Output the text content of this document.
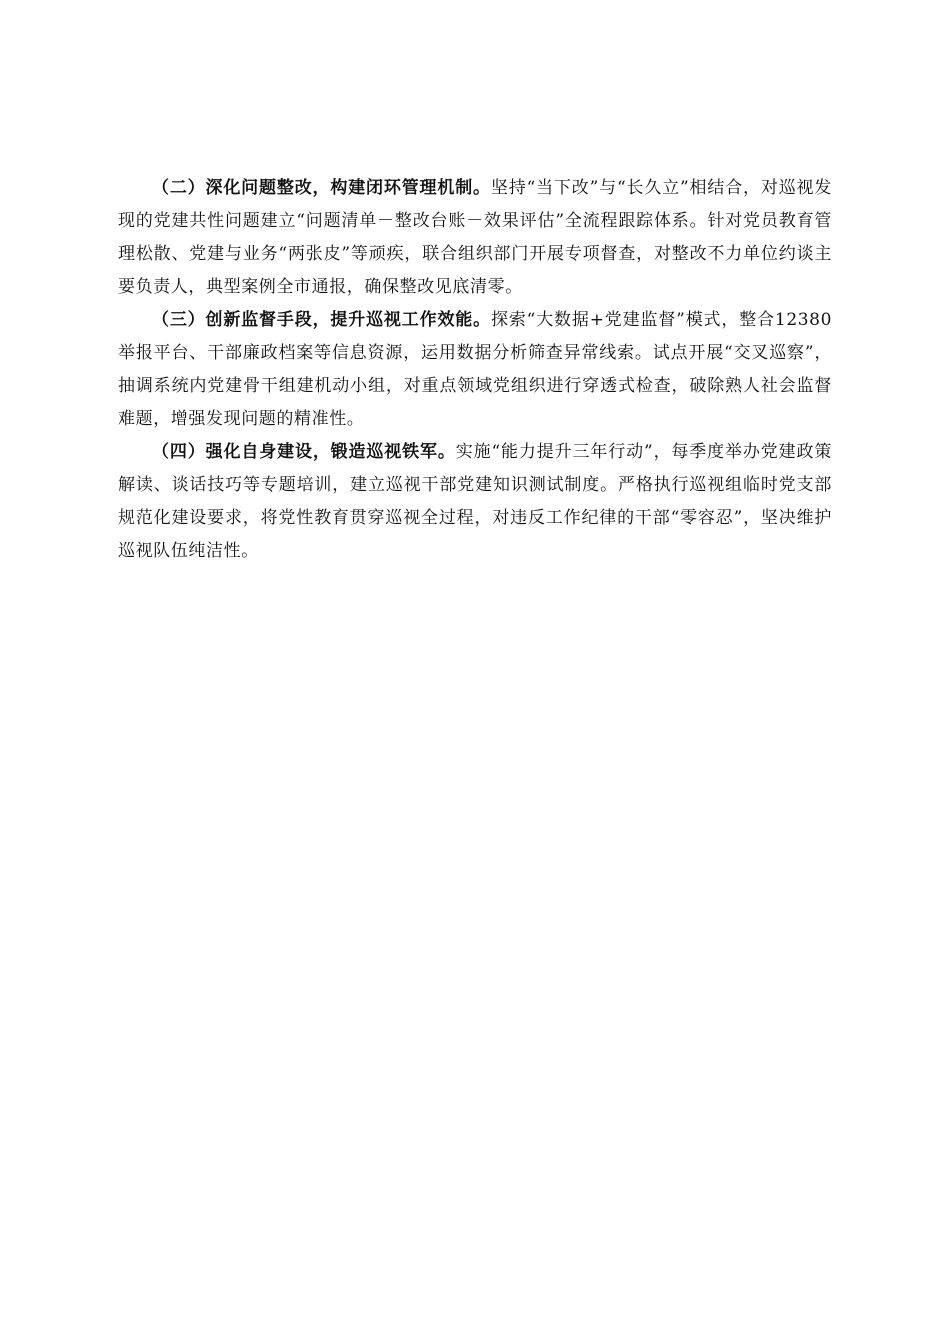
（二）深化问题整改，构建闭环管理机制。坚持“当下改”与“长久立”相结合，对巡视发现的党建共性问题建立“问题清单－整改台账－效果评估”全流程跟踪体系。针对党员教育管理松散、党建与业务“两张皮”等顽疾，联合组织部门开展专项督查，对整改不力单位约谈主要负责人，典型案例全市通报，确保整改见底清零。

（三）创新监督手段，提升巡视工作效能。探索“大数据+党建监督”模式，整合12380举报平台、干部廉政档案等信息资源，运用数据分析筛查异常线索。试点开展“交叉巡察”，抽调系统内党建骨干组建机动小组，对重点领域党组织进行穿透式检查，破除熟人社会监督难题，增强发现问题的精准性。

（四）强化自身建设，锻造巡视铁军。实施“能力提升三年行动”，每季度举办党建政策解读、谈话技巧等专题培训，建立巡视干部党建知识测试制度。严格执行巡视组临时党支部规范化建设要求，将党性教育贯穿巡视全过程，对违反工作纪律的干部“零容忍”，坚决维护巡视队伍纯洁性。
